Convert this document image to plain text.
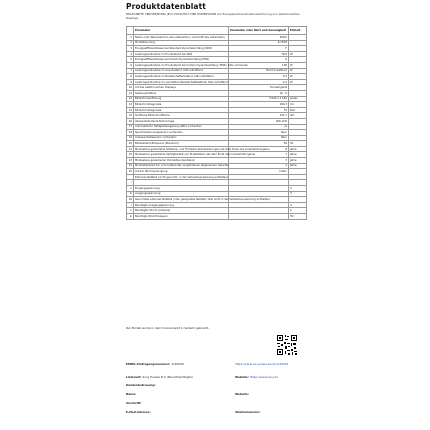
Produktdatenblatt
DELEGIERTE VERORDNUNG (EU) 2019/2013 DER KOMMISSION zur Energieverbrauchskennzeichnung von elektronischen Displays
	Parameter	Parameter oder Wert und Genauigkeit	Einheit
1	Name oder Warenzeichen des Lieferanten / Anschrift des Lieferanten	SONY	
2	Modellkennung	K-75XR	
3	Energieeffizienzklasse bei Standard-Dynamikumfang (SDR)	F	
4	Leistungsaufnahme im Ein-Zustand bei SDR	78,0	W
5	Energieeffizienzklasse bei hohem Dynamikumfang (HDR)	G	
6	Leistungsaufnahme im Ein-Zustand bei hohem Dynamikumfang (HDR), falls vorhanden	106	W
7	Leistungsaufnahme im Aus-Zustand, falls zutreffend	Nicht zutreffend	W
8	Leistungsaufnahme im Bereitschaftszustand, falls zutreffend	0,5	W
9	Leistungsaufnahme im vernetzten Bereitschaftsbetrieb, falls zutreffend	2,0	W
10	Art des elektronischen Displays	Fernsehgerät	
11	Seitenverhältnis	16 : 9	
12	Bildschirmauflösung	3 840 x 2 160	pixels
13	Bildschirmdiagonale	189,3	cm
14	Bildschirmdiagonale	75	Zoll
15	Sichtbare Bildschirmfläche	155,1	dm²
16	Verwendete Panel-Technologie	LED-LCD	
17	Automatische Helligkeitsregelung (ABC) vorhanden	Ja	
18	Spracherkennungssensor vorhanden	Nein	
19	Anwesenheitssensor vorhanden	Nein	
20	Bildwiederholfrequenz (Standard)	50	Hz
21	Mindestens garantierte Software- und Firmware-Aktualisierungen (ab dem Ende des Inverkehrbringens)	8	Jahre
22	Mindestens garantierte Verfügbarkeit von Ersatzteilen (ab dem Ende des Inverkehrbringens)	7	Jahre
23	Mindestens garantierter Produktkundendienst	7	Jahre
24	Mindestlaufzeit der vom Lieferanten angebotenen allgemeinen Garantie	2	Jahre
25	Art der Stromversorgung	Intern	
	Externes Netzteil (nicht genormt, in der Verkaufsverpackung enthalten)		
i			
ii	Eingangsspannung		V
iii	Ausgangsspannung		V
26	Genormtes externes Netzteil (oder geeignetes Netzteil, falls nicht in der Verkaufsverpackung enthalten)		
i	Benötigte Ausgangsspannung		V
ii	Benötigter Strom (Ampere)		A
iii	Benötigte Stromfrequenz		Hz
Der Modell wurde in dem Unionsmarkt in Verkehr gebracht.
EPREL-Eintragungsnummer: 1145009	https://eprel.ec.europa.eu/qr/1145091
Lieferant: Sony Europe B.V. (Bevollmächtigter)	Website: https://www.sony.de
Kundenbetreuung:
Name:	Website:
Anschrift:
E-Mail-Adresse:	Telefonnummer:
